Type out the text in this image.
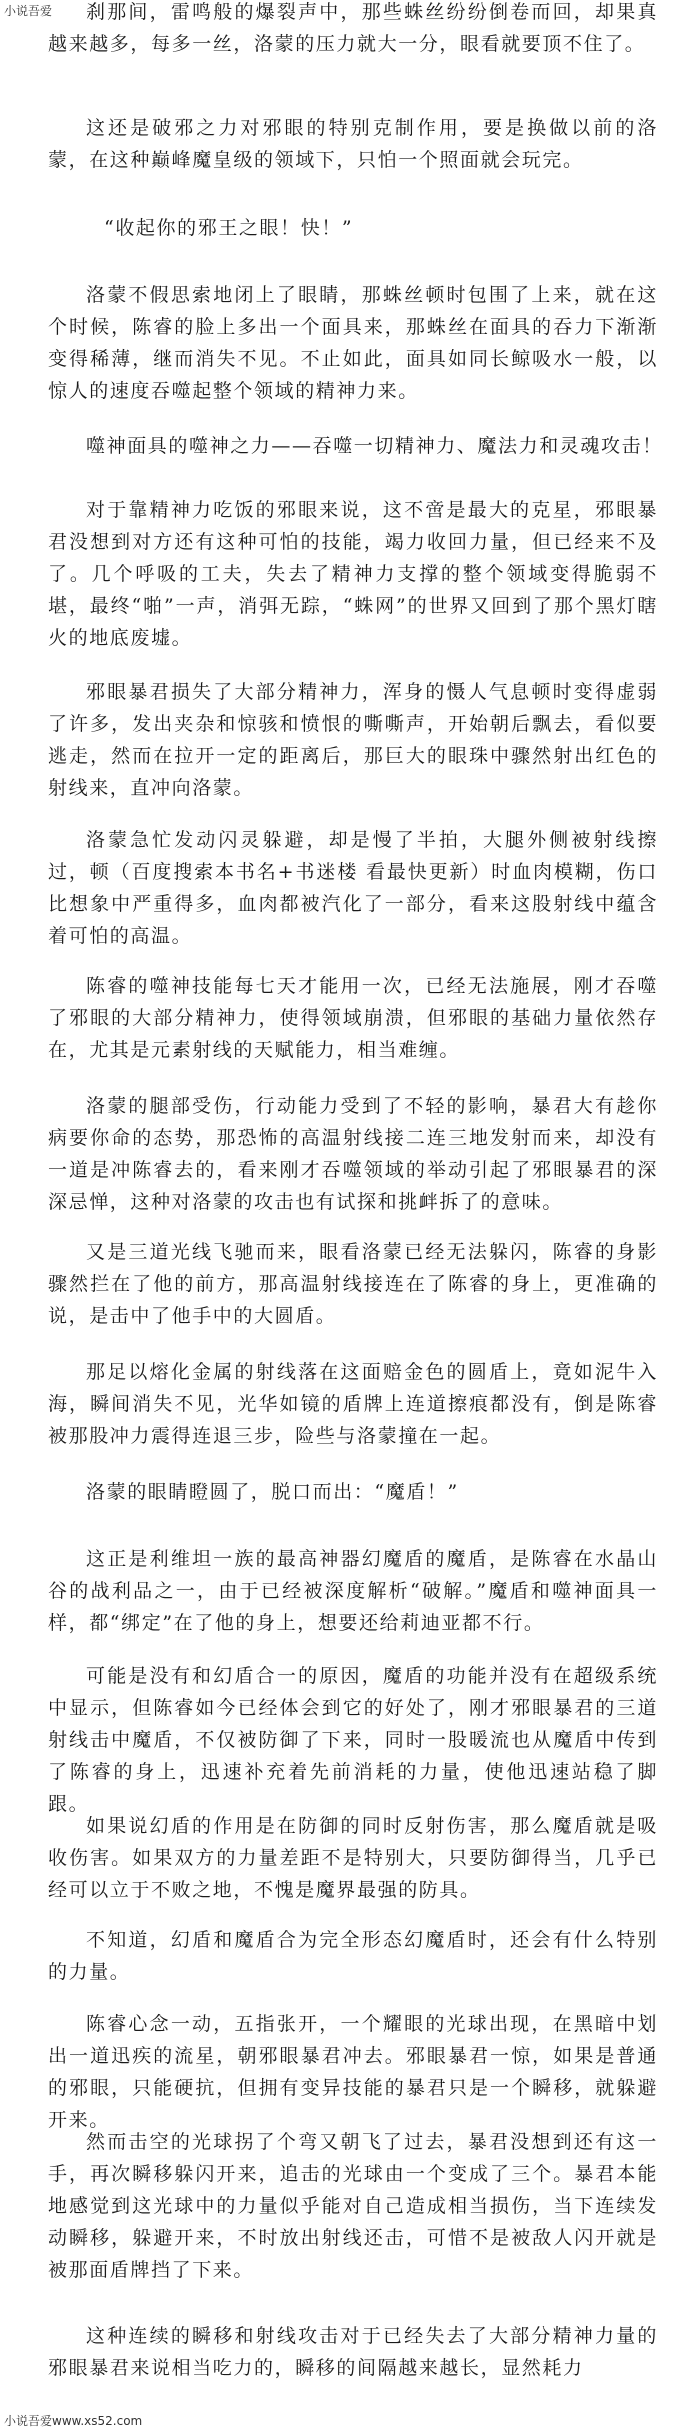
小说吾爱	刹那间，雷鸣般的爆裂声中，那些蛛丝纷纷倒卷而回，却果真越来越多，每多一丝，洛蒙的压力就大一分，眼看就要顶不住了。

这还是破邪之力对邪眼的特别克制作用，要是换做以前的洛蒙，在这种巅峰魔皇级的领域下，只怕一个照面就会玩完。

“收起你的邪王之眼！快！”

洛蒙不假思索地闭上了眼睛，那蛛丝顿时包围了上来，就在这个时候，陈睿的脸上多出一个面具来，那蛛丝在面具的吞力下渐渐变得稀薄，继而消失不见。不止如此，面具如同长鲸吸水一般，以惊人的速度吞噬起整个领域的精神力来。

噬神面具的噬神之力——吞噬一切精神力、魔法力和灵魂攻击！

对于靠精神力吃饭的邪眼来说，这不啻是最大的克星，邪眼暴君没想到对方还有这种可怕的技能，竭力收回力量，但已经来不及了。几个呼吸的工夫，失去了精神力支撑的整个领域变得脆弱不堪，最终“啪”一声，消弭无踪，“蛛网”的世界又回到了那个黑灯瞎火的地底废墟。

邪眼暴君损失了大部分精神力，浑身的慑人气息顿时变得虚弱了许多，发出夹杂和惊骇和愤恨的嘶嘶声，开始朝后飘去，看似要逃走，然而在拉开一定的距离后，那巨大的眼珠中骤然射出红色的射线来，直冲向洛蒙。

洛蒙急忙发动闪灵躲避，却是慢了半拍，大腿外侧被射线擦过，顿（百度搜索本书名+书迷楼 看最快更新）时血肉模糊，伤口比想象中严重得多，血肉都被汽化了一部分，看来这股射线中蕴含着可怕的高温。

陈睿的噬神技能每七天才能用一次，已经无法施展，刚才吞噬了邪眼的大部分精神力，使得领域崩溃，但邪眼的基础力量依然存在，尤其是元素射线的天赋能力，相当难缠。

洛蒙的腿部受伤，行动能力受到了不轻的影响，暴君大有趁你病要你命的态势，那恐怖的高温射线接二连三地发射而来，却没有一道是冲陈睿去的，看来刚才吞噬领域的举动引起了邪眼暴君的深深忌惮，这种对洛蒙的攻击也有试探和挑衅拆了的意味。

又是三道光线飞驰而来，眼看洛蒙已经无法躲闪，陈睿的身影骤然拦在了他的前方，那高温射线接连在了陈睿的身上，更准确的说，是击中了他手中的大圆盾。

那足以熔化金属的射线落在这面赔金色的圆盾上，竟如泥牛入海，瞬间消失不见，光华如镜的盾牌上连道擦痕都没有，倒是陈睿被那股冲力震得连退三步，险些与洛蒙撞在一起。

洛蒙的眼睛瞪圆了，脱口而出：“魔盾！”

这正是利维坦一族的最高神器幻魔盾的魔盾，是陈睿在水晶山谷的战利品之一，由于已经被深度解析“破解。”魔盾和噬神面具一样，都“绑定”在了他的身上，想要还给莉迪亚都不行。

可能是没有和幻盾合一的原因，魔盾的功能并没有在超级系统中显示，但陈睿如今已经体会到它的好处了，刚才邪眼暴君的三道射线击中魔盾，不仅被防御了下来，同时一股暖流也从魔盾中传到了陈睿的身上，迅速补充着先前消耗的力量，使他迅速站稳了脚跟。

如果说幻盾的作用是在防御的同时反射伤害，那么魔盾就是吸收伤害。如果双方的力量差距不是特别大，只要防御得当，几乎已经可以立于不败之地，不愧是魔界最强的防具。

不知道，幻盾和魔盾合为完全形态幻魔盾时，还会有什么特别的力量。

陈睿心念一动，五指张开，一个耀眼的光球出现，在黑暗中划出一道迅疾的流星，朝邪眼暴君冲去。邪眼暴君一惊，如果是普通的邪眼，只能硬抗，但拥有变异技能的暴君只是一个瞬移，就躲避开来。

然而击空的光球拐了个弯又朝飞了过去，暴君没想到还有这一手，再次瞬移躲闪开来，追击的光球由一个变成了三个。暴君本能地感觉到这光球中的力量似乎能对自己造成相当损伤，当下连续发动瞬移，躲避开来，不时放出射线还击，可惜不是被敌人闪开就是被那面盾牌挡了下来。

这种连续的瞬移和射线攻击对于已经失去了大部分精神力量的邪眼暴君来说相当吃力的，瞬移的间隔越来越长，显然耗力

小说吾爱www.xs52.com
